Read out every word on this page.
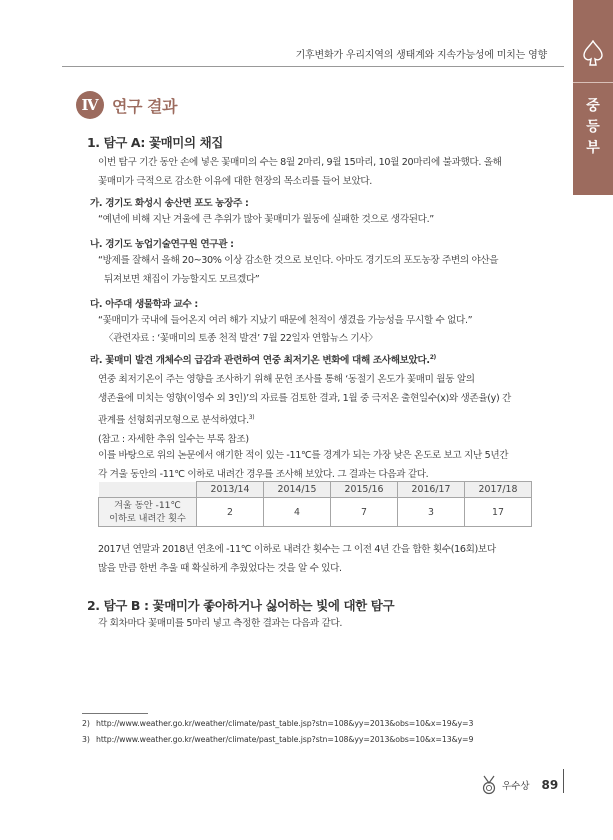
기후변화가 우리지역의 생태계와 지속가능성에 미치는 영향
중
등
부
Ⅳ 연구 결과
1. 탐구 A: 꽃매미의 채집
이번 탐구 기간 동안 손에 넣은 꽃매미의 수는 8월 2마리, 9월 15마리, 10월 20마리에 불과했다. 올해
꽃매미가 극적으로 감소한 이유에 대한 현장의 목소리를 들어 보았다.
가. 경기도 화성시 송산면 포도 농장주 :
“예년에 비해 지난 겨울에 큰 추위가 많아 꽃매미가 월동에 실패한 것으로 생각된다.”
나. 경기도 농업기술연구원 연구관 :
“방제를 잘해서 올해 20~30% 이상 감소한 것으로 보인다. 아마도 경기도의 포도농장 주변의 야산을
뒤져보면 채집이 가능할지도 모르겠다”
다. 아주대 생물학과 교수 :
“꽃매미가 국내에 들어온지 여러 해가 지났기 때문에 천적이 생겼을 가능성을 무시할 수 없다.”
〈관련자료 : ‘꽃매미의 토종 천적 발견’ 7월 22일자 연합뉴스 기사〉
라. 꽃매미 발견 개체수의 급감과 관련하여 연중 최저기온 변화에 대해 조사해보았다.$^{2)}$
연중 최저기온이 주는 영향을 조사하기 위해 문헌 조사를 통해 ‘동절기 온도가 꽃매미 월동 알의
생존율에 미치는 영향(이영수 외 3인)’의 자료를 검토한 결과, 1월 중 극저온 출현일수(x)와 생존율(y) 간
관계를 선형회귀모형으로 분석하였다.$^{3)}$
(참고 : 자세한 추위 일수는 부록 참조)
이를 바탕으로 위의 논문에서 얘기한 적이 있는 -11℃를 경계가 되는 가장 낮은 온도로 보고 지난 5년간
각 겨울 동안의 -11℃ 이하로 내려간 경우를 조사해 보았다. 그 결과는 다음과 같다.
	2013/14	2014/15	2015/16	2016/17	2017/18

겨울 동안 -11℃
이하로 내려간 횟수	2	4	7	3	17
2017년 연말과 2018년 연초에 -11℃ 이하로 내려간 횟수는 그 이전 4년 간을 합한 횟수(16회)보다
많을 만큼 한번 추울 때 확실하게 추웠었다는 것을 알 수 있다.
2. 탐구 B : 꽃매미가 좋아하거나 싫어하는 빛에 대한 탐구
각 회차마다 꽃매미를 5마리 넣고 측정한 결과는 다음과 같다.
2) http://www.weather.go.kr/weather/climate/past_table.jsp?stn=108&yy=2013&obs=10&x=19&y=3
3) http://www.weather.go.kr/weather/climate/past_table.jsp?stn=108&yy=2013&obs=10&x=13&y=9
우수상 89
